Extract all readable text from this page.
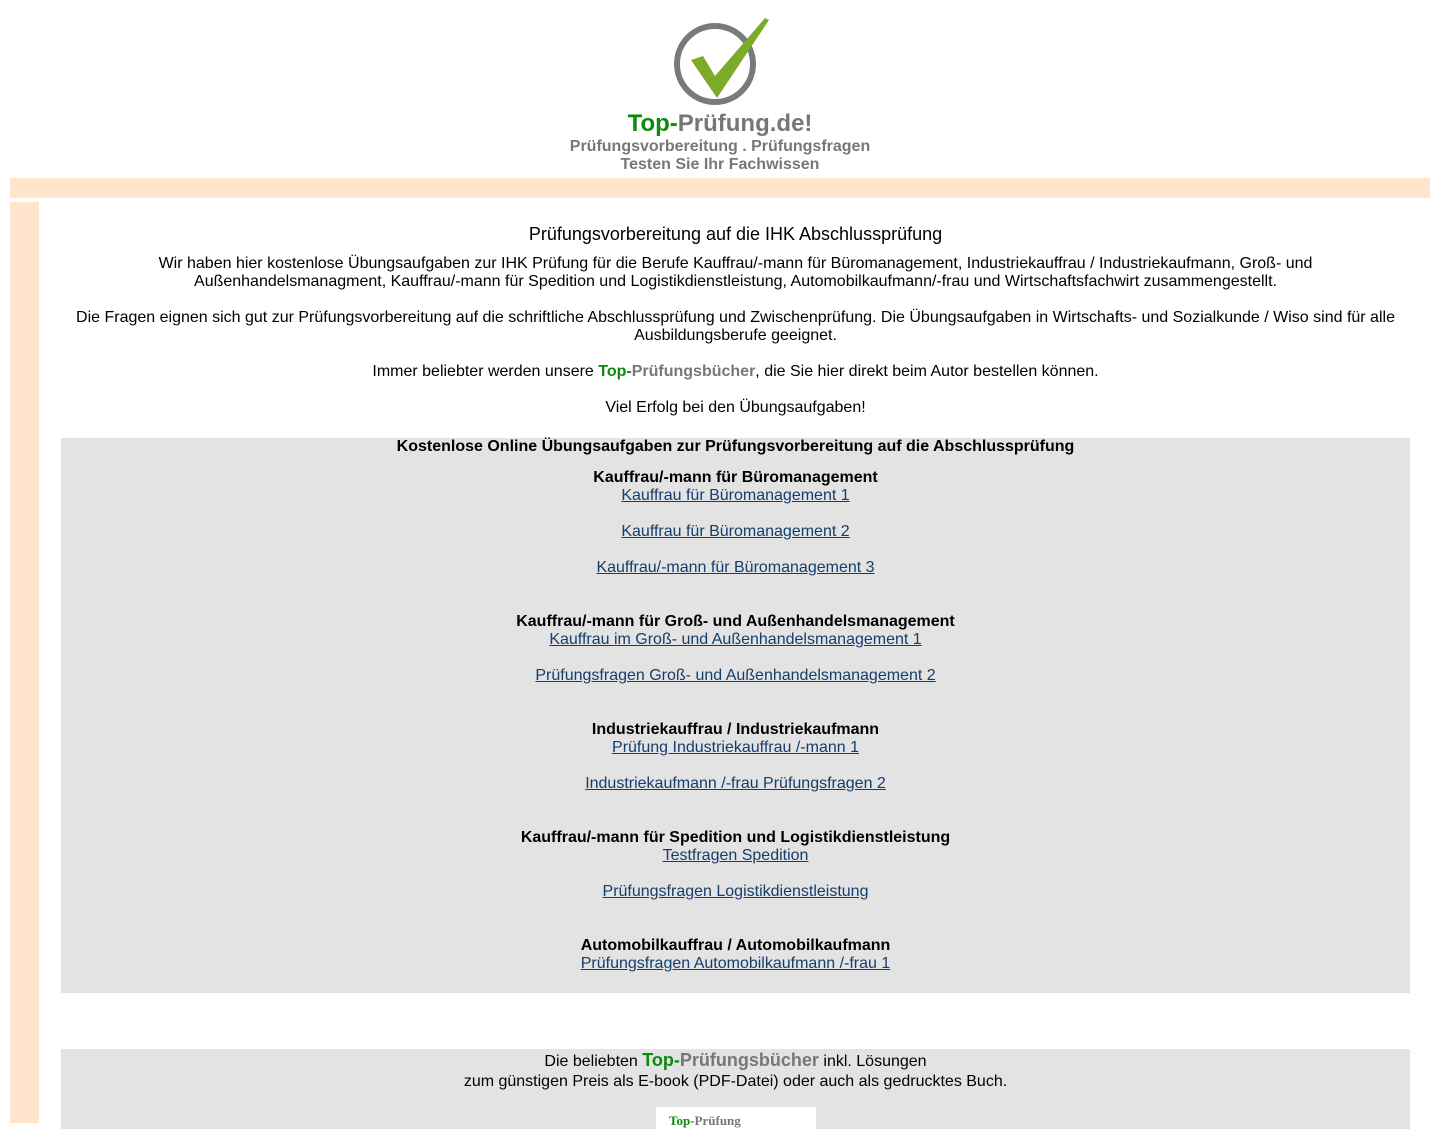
Top-Prüfung.de!
Prüfungsvorbereitung . Prüfungsfragen
Testen Sie Ihr Fachwissen
Prüfungsvorbereitung auf die IHK Abschlussprüfung
Wir haben hier kostenlose Übungsaufgaben zur IHK Prüfung für die Berufe Kauffrau/-mann für Büromanagement, Industriekauffrau / Industriekaufmann, Groß- und Außenhandelsmanagment, Kauffrau/-mann für Spedition und Logistikdienstleistung, Automobilkaufmann/-frau und Wirtschaftsfachwirt zusammengestellt.
Die Fragen eignen sich gut zur Prüfungsvorbereitung auf die schriftliche Abschlussprüfung und Zwischenprüfung. Die Übungsaufgaben in Wirtschafts- und Sozialkunde / Wiso sind für alle Ausbildungsberufe geeignet.
Immer beliebter werden unsere Top-Prüfungsbücher, die Sie hier direkt beim Autor bestellen können.
Viel Erfolg bei den Übungsaufgaben!
Kostenlose Online Übungsaufgaben zur Prüfungsvorbereitung auf die Abschlussprüfung
Kauffrau/-mann für Büromanagement
Kauffrau für Büromanagement 1
Kauffrau für Büromanagement 2
Kauffrau/-mann für Büromanagement 3
Kauffrau/-mann für Groß- und Außenhandelsmanagement
Kauffrau im Groß- und Außenhandelsmanagement 1
Prüfungsfragen Groß- und Außenhandelsmanagement 2
Industriekauffrau / Industriekaufmann
Prüfung Industriekauffrau /-mann 1
Industriekaufmann /-frau Prüfungsfragen 2
Kauffrau/-mann für Spedition und Logistikdienstleistung
Testfragen Spedition
Prüfungsfragen Logistikdienstleistung
Automobilkauffrau / Automobilkaufmann
Prüfungsfragen Automobilkaufmann /-frau 1
Die beliebten Top-Prüfungsbücher inkl. Lösungen
zum günstigen Preis als E-book (PDF-Datei) oder auch als gedrucktes Buch.
Top-Prüfung
